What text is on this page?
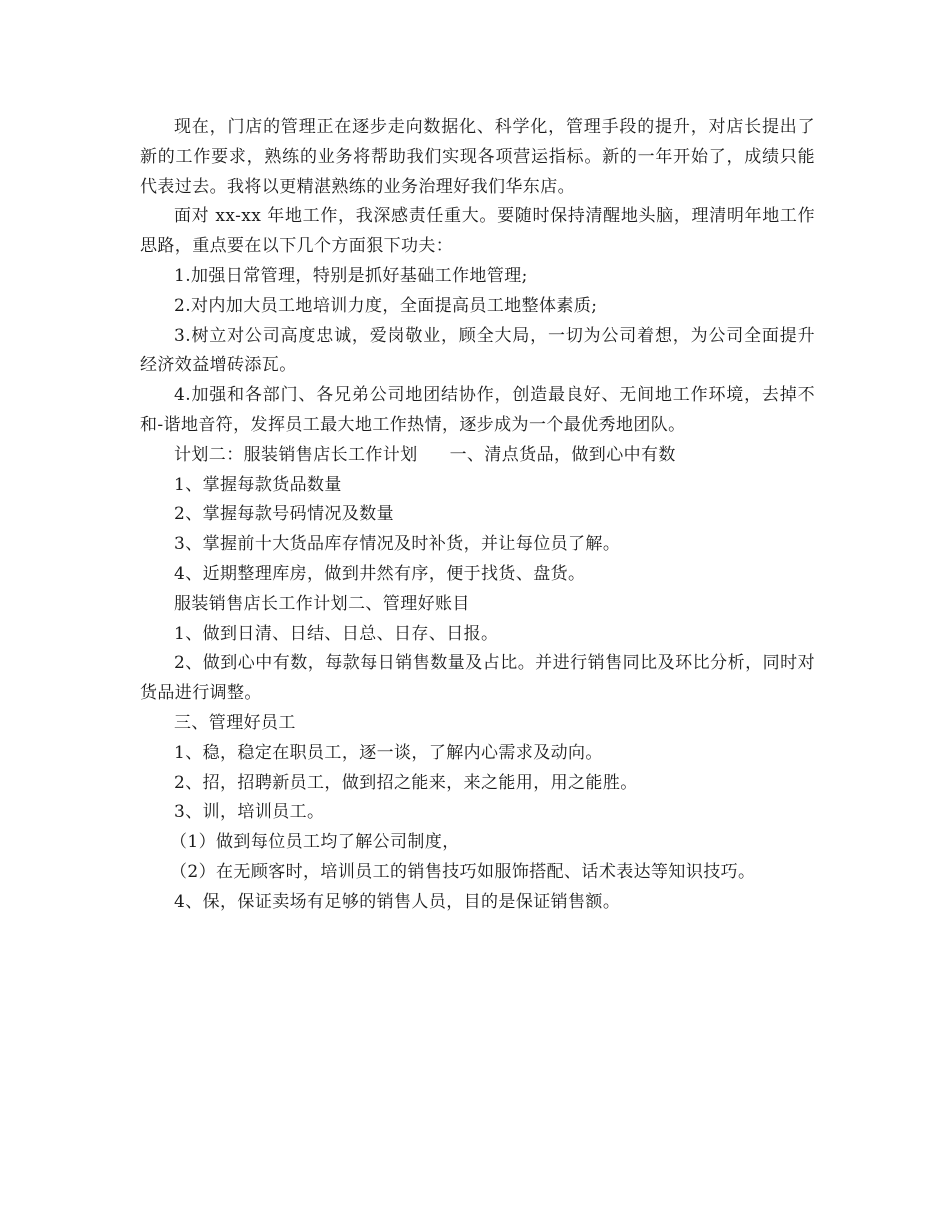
现在，门店的管理正在逐步走向数据化、科学化，管理手段的提升，对店长提出了新的工作要求，熟练的业务将帮助我们实现各项营运指标。新的一年开始了，成绩只能代表过去。我将以更精湛熟练的业务治理好我们华东店。

面对 xx-xx 年地工作，我深感责任重大。要随时保持清醒地头脑，理清明年地工作思路，重点要在以下几个方面狠下功夫：

1.加强日常管理，特别是抓好基础工作地管理;

2.对内加大员工地培训力度，全面提高员工地整体素质;

3.树立对公司高度忠诚，爱岗敬业，顾全大局，一切为公司着想，为公司全面提升经济效益增砖添瓦。

4.加强和各部门、各兄弟公司地团结协作，创造最良好、无间地工作环境，去掉不和-谐地音符，发挥员工最大地工作热情，逐步成为一个最优秀地团队。

计划二：服装销售店长工作计划 一、清点货品，做到心中有数

1、掌握每款货品数量

2、掌握每款号码情况及数量

3、掌握前十大货品库存情况及时补货，并让每位员了解。

4、近期整理库房，做到井然有序，便于找货、盘货。

服装销售店长工作计划二、管理好账目

1、做到日清、日结、日总、日存、日报。

2、做到心中有数，每款每日销售数量及占比。并进行销售同比及环比分析，同时对货品进行调整。

三、管理好员工

1、稳，稳定在职员工，逐一谈，了解内心需求及动向。

2、招，招聘新员工，做到招之能来，来之能用，用之能胜。

3、训，培训员工。

（1）做到每位员工均了解公司制度，

（2）在无顾客时，培训员工的销售技巧如服饰搭配、话术表达等知识技巧。

4、保，保证卖场有足够的销售人员，目的是保证销售额。
